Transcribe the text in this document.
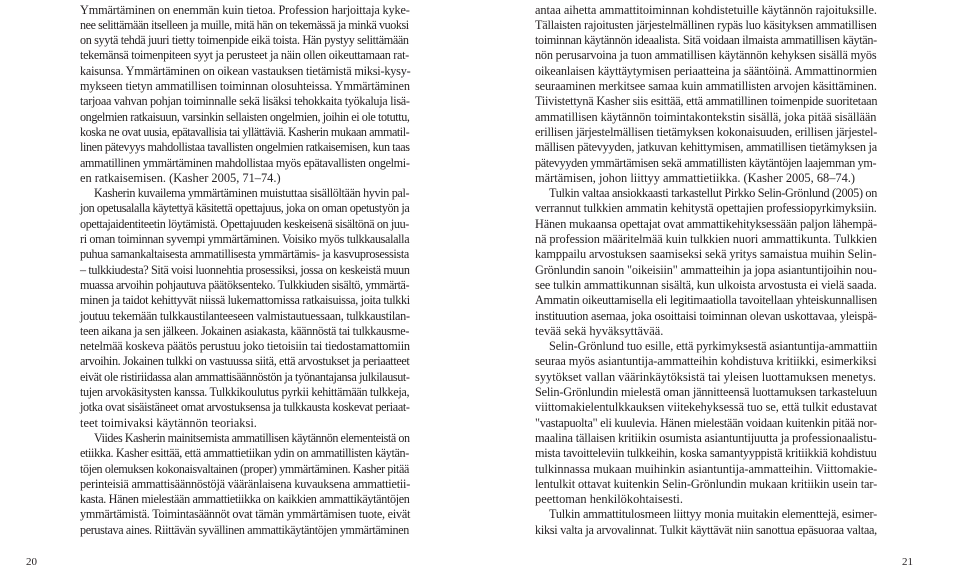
Ymmärtäminen on enemmän kuin tietoa. Profession harjoittaja kyke-
nee selittämään itselleen ja muille, mitä hän on tekemässä ja minkä vuoksi
on syytä tehdä juuri tietty toimenpide eikä toista. Hän pystyy selittämään
tekemänsä toimenpiteen syyt ja perusteet ja näin ollen oikeuttamaan rat-
kaisunsa. Ymmärtäminen on oikean vastauksen tietämistä miksi-kysy-
mykseen tietyn ammatillisen toiminnan olosuhteissa. Ymmärtäminen
tarjoaa vahvan pohjan toiminnalle sekä lisäksi tehokkaita työkaluja lisä-
ongelmien ratkaisuun, varsinkin sellaisten ongelmien, joihin ei ole totuttu,
koska ne ovat uusia, epätavallisia tai yllättäviä. Kasherin mukaan ammatil-
linen pätevyys mahdollistaa tavallisten ongelmien ratkaisemisen, kun taas
ammatillinen ymmärtäminen mahdollistaa myös epätavallisten ongelmi-
en ratkaisemisen. (Kasher 2005, 71–74.)
Kasherin kuvailema ymmärtäminen muistuttaa sisällöltään hyvin pal-
jon opetusalalla käytettyä käsitettä opettajuus, joka on oman opetustyön ja
opettajaidentiteetin löytämistä. Opettajuuden keskeisenä sisältönä on juu-
ri oman toiminnan syvempi ymmärtäminen. Voisiko myös tulkkausalalla
puhua samankaltaisesta ammatillisesta ymmärtämis- ja kasvuprosessista
– tulkkiudesta? Sitä voisi luonnehtia prosessiksi, jossa on keskeistä muun
muassa arvoihin pohjautuva päätöksenteko. Tulkkiuden sisältö, ymmärtä-
minen ja taidot kehittyvät niissä lukemattomissa ratkaisuissa, joita tulkki
joutuu tekemään tulkkaustilanteeseen valmistautuessaan, tulkkaustilan-
teen aikana ja sen jälkeen. Jokainen asiakasta, käännöstä tai tulkkausme-
netelmää koskeva päätös perustuu joko tietoisiin tai tiedostamattomiin
arvoihin. Jokainen tulkki on vastuussa siitä, että arvostukset ja periaatteet
eivät ole ristiriidassa alan ammattisäännöstön ja työnantajansa julkilausut-
tujen arvokäsitysten kanssa. Tulkkikoulutus pyrkii kehittämään tulkkeja,
jotka ovat sisäistäneet omat arvostuksensa ja tulkkausta koskevat periaat-
teet toimivaksi käytännön teoriaksi.
Viides Kasherin mainitsemista ammatillisen käytännön elementeistä on
etiikka. Kasher esittää, että ammattietiikan ydin on ammatillisten käytän-
töjen olemuksen kokonaisvaltainen (proper) ymmärtäminen. Kasher pitää
perinteisiä ammattisäännöstöjä vääränlaisena kuvauksena ammattietii-
kasta. Hänen mielestään ammattietiikka on kaikkien ammattikäytäntöjen
ymmärtämistä. Toimintasäännöt ovat tämän ymmärtämisen tuote, eivät
perustava aines. Riittävän syvällinen ammattikäytäntöjen ymmärtäminen
antaa aihetta ammattitoiminnan kohdistetuille käytännön rajoituksille.
Tällaisten rajoitusten järjestelmällinen rypäs luo käsityksen ammatillisen
toiminnan käytännön ideaalista. Sitä voidaan ilmaista ammatillisen käytän-
nön perusarvoina ja tuon ammatillisen käytännön kehyksen sisällä myös
oikeanlaisen käyttäytymisen periaatteina ja sääntöinä. Ammattinormien
seuraaminen merkitsee samaa kuin ammatillisten arvojen käsittäminen.
Tiivistettynä Kasher siis esittää, että ammatillinen toimenpide suoritetaan
ammatillisen käytännön toimintakontekstin sisällä, joka pitää sisällään
erillisen järjestelmällisen tietämyksen kokonaisuuden, erillisen järjestel-
mällisen pätevyyden, jatkuvan kehittymisen, ammatillisen tietämyksen ja
pätevyyden ymmärtämisen sekä ammatillisten käytäntöjen laajemman ym-
märtämisen, johon liittyy ammattietiikka. (Kasher 2005, 68–74.)
Tulkin valtaa ansiokkaasti tarkastellut Pirkko Selin-Grönlund (2005) on
verrannut tulkkien ammatin kehitystä opettajien professiopyrkimyksiin.
Hänen mukaansa opettajat ovat ammattikehityksessään paljon lähempä-
nä profession määritelmää kuin tulkkien nuori ammattikunta. Tulkkien
kamppailu arvostuksen saamiseksi sekä yritys samaistua muihin Selin-
Grönlundin sanoin "oikeisiin" ammatteihin ja jopa asiantuntijoihin nou-
see tulkin ammattikunnan sisältä, kun ulkoista arvostusta ei vielä saada.
Ammatin oikeuttamisella eli legitimaatiolla tavoitellaan yhteiskunnallisen
instituution asemaa, joka osoittaisi toiminnan olevan uskottavaa, yleispä-
tevää sekä hyväksyttävää.
Selin-Grönlund tuo esille, että pyrkimyksestä asiantuntija-ammattiin
seuraa myös asiantuntija-ammatteihin kohdistuva kritiikki, esimerkiksi
syytökset vallan väärinkäytöksistä tai yleisen luottamuksen menetys.
Selin-Grönlundin mielestä oman jännitteensä luottamuksen tarkasteluun
viittomakielentulkkauksen viitekehyksessä tuo se, että tulkit edustavat
"vastapuolta" eli kuulevia. Hänen mielestään voidaan kuitenkin pitää nor-
maalina tällaisen kritiikin osumista asiantuntijuutta ja professionaalistu-
mista tavoitteleviin tulkkeihin, koska samantyyppistä kritiikkiä kohdistuu
tulkinnassa mukaan muihinkin asiantuntija-ammatteihin. Viittomakie-
lentulkit ottavat kuitenkin Selin-Grönlundin mukaan kritiikin usein tar-
peettoman henkilökohtaisesti.
Tulkin ammattitulosmeen liittyy monia muitakin elementtejä, esimer-
kiksi valta ja arvovalinnat. Tulkit käyttävät niin sanottua epäsuoraa valtaa,
20	21
